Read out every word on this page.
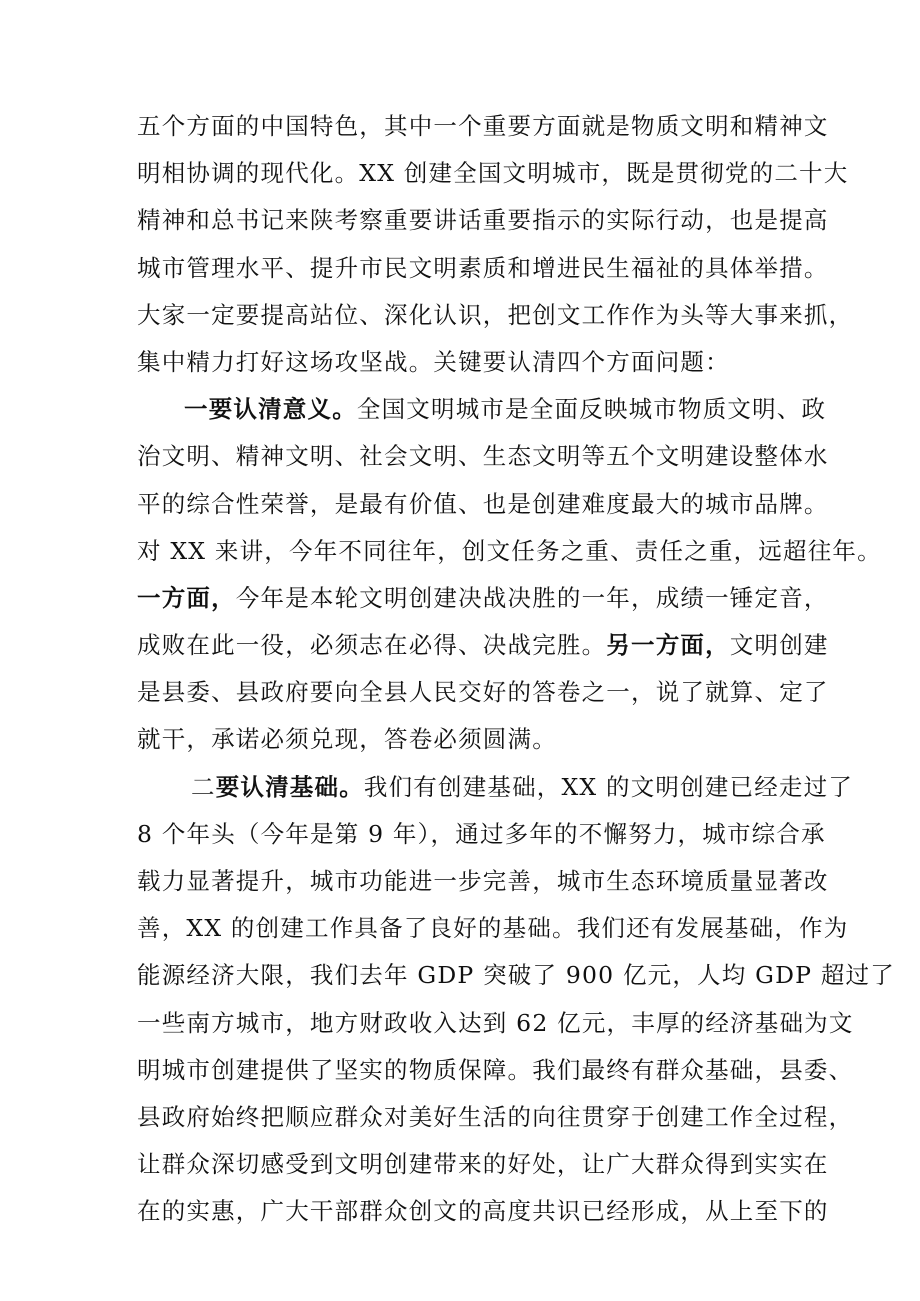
五个方面的中国特色，其中一个重要方面就是物质文明和精神文
明相协调的现代化。XX 创建全国文明城市，既是贯彻党的二十大
精神和总书记来陕考察重要讲话重要指示的实际行动，也是提高
城市管理水平、提升市民文明素质和增进民生福祉的具体举措。
大家一定要提高站位、深化认识，把创文工作作为头等大事来抓，
集中精力打好这场攻坚战。关键要认清四个方面问题：
一要认清意义。全国文明城市是全面反映城市物质文明、政
治文明、精神文明、社会文明、生态文明等五个文明建设整体水
平的综合性荣誉，是最有价值、也是创建难度最大的城市品牌。
对 XX 来讲，今年不同往年，创文任务之重、责任之重，远超往年。
一方面，今年是本轮文明创建决战决胜的一年，成绩一锤定音，
成败在此一役，必须志在必得、决战完胜。另一方面，文明创建
是县委、县政府要向全县人民交好的答卷之一，说了就算、定了
就干，承诺必须兑现，答卷必须圆满。
二要认清基础。我们有创建基础，XX 的文明创建已经走过了
8 个年头（今年是第 9 年），通过多年的不懈努力，城市综合承
载力显著提升，城市功能进一步完善，城市生态环境质量显著改
善，XX 的创建工作具备了良好的基础。我们还有发展基础，作为
能源经济大限，我们去年 GDP 突破了 900 亿元，人均 GDP 超过了
一些南方城市，地方财政收入达到 62 亿元，丰厚的经济基础为文
明城市创建提供了坚实的物质保障。我们最终有群众基础，县委、
县政府始终把顺应群众对美好生活的向往贯穿于创建工作全过程，
让群众深切感受到文明创建带来的好处，让广大群众得到实实在
在的实惠，广大干部群众创文的高度共识已经形成，从上至下的
